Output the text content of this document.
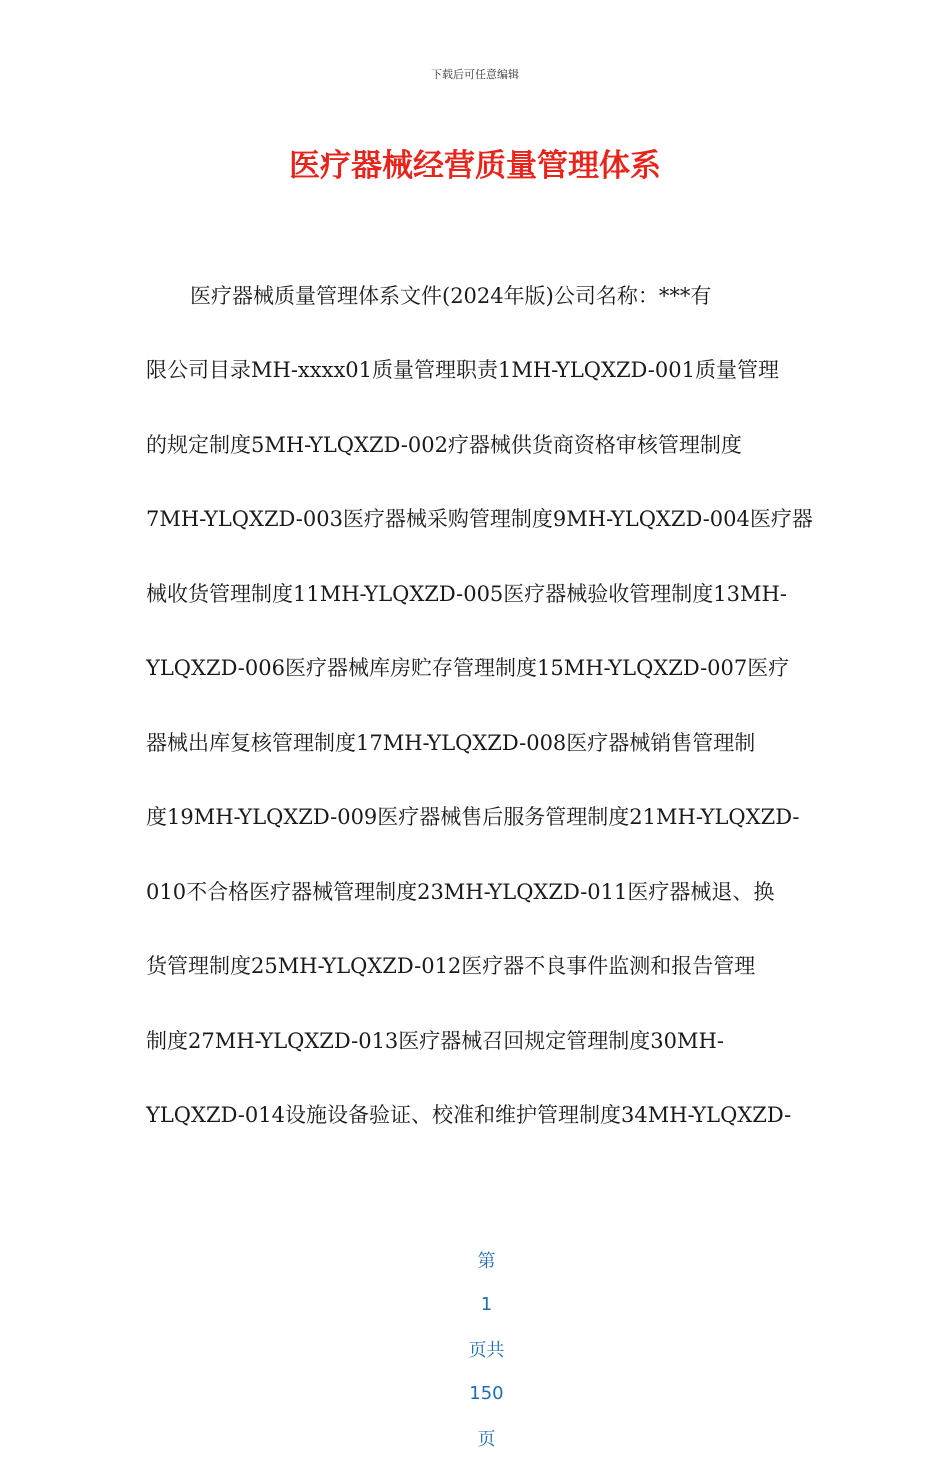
下载后可任意编辑
医疗器械经营质量管理体系
医疗器械质量管理体系文件(2024年版)公司名称：***有
限公司目录MH-xxxx01质量管理职责1MH-YLQXZD-001质量管理
的规定制度5MH-YLQXZD-002疗器械供货商资格审核管理制度
7MH-YLQXZD-003医疗器械采购管理制度9MH-YLQXZD-004医疗器
械收货管理制度11MH-YLQXZD-005医疗器械验收管理制度13MH-
YLQXZD-006医疗器械库房贮存管理制度15MH-YLQXZD-007医疗
器械出库复核管理制度17MH-YLQXZD-008医疗器械销售管理制
度19MH-YLQXZD-009医疗器械售后服务管理制度21MH-YLQXZD-
010不合格医疗器械管理制度23MH-YLQXZD-011医疗器械退、换
货管理制度25MH-YLQXZD-012医疗器不良事件监测和报告管理
制度27MH-YLQXZD-013医疗器械召回规定管理制度30MH-
YLQXZD-014设施设备验证、校准和维护管理制度34MH-YLQXZD-

第

1

页共

150

页
